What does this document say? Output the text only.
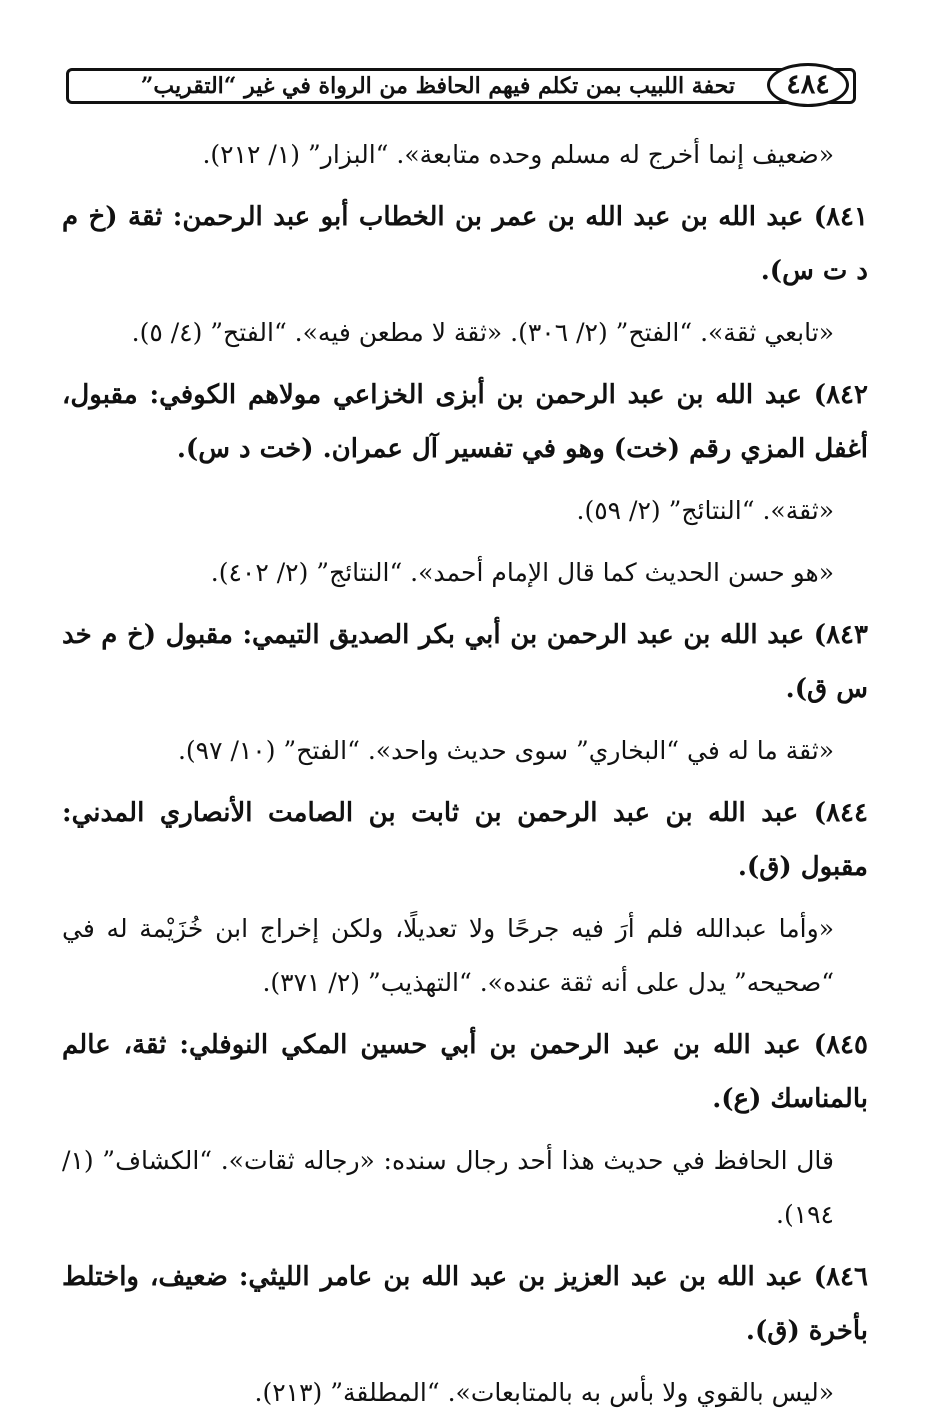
٤٨٤
تحفة اللبيب بمن تكلم فيهم الحافظ من الرواة في غير “التقريب”

«ضعيف إنما أخرج له مسلم وحده متابعة». “البزار” (١/ ٢١٢).

٨٤١) عبد الله بن عبد الله بن عمر بن الخطاب أبو عبد الرحمن: ثقة (خ م د ت س).

«تابعي ثقة». “الفتح” (٢/ ٣٠٦). «ثقة لا مطعن فيه». “الفتح” (٤/ ٥).

٨٤٢) عبد الله بن عبد الرحمن بن أبزى الخزاعي مولاهم الكوفي: مقبول، أغفل المزي رقم (خت) وهو في تفسير آل عمران. (خت د س).

«ثقة». “النتائج” (٢/ ٥٩).

«هو حسن الحديث كما قال الإمام أحمد». “النتائج” (٢/ ٤٠٢).

٨٤٣) عبد الله بن عبد الرحمن بن أبي بكر الصديق التيمي: مقبول (خ م خد س ق).

«ثقة ما له في “البخاري” سوى حديث واحد». “الفتح” (١٠/ ٩٧).

٨٤٤) عبد الله بن عبد الرحمن بن ثابت بن الصامت الأنصاري المدني: مقبول (ق).

«وأما عبدالله فلم أرَ فيه جرحًا ولا تعديلًا، ولكن إخراج ابن خُزَيْمة له في “صحيحه” يدل على أنه ثقة عنده». “التهذيب” (٢/ ٣٧١).

٨٤٥) عبد الله بن عبد الرحمن بن أبي حسين المكي النوفلي: ثقة، عالم بالمناسك (ع).

قال الحافظ في حديث هذا أحد رجال سنده: «رجاله ثقات». “الكشاف” (١/ ١٩٤).

٨٤٦) عبد الله بن عبد العزيز بن عبد الله بن عامر الليثي: ضعيف، واختلط بأخرة (ق).

«ليس بالقوي ولا بأس به بالمتابعات». “المطلقة” (٢١٣).
